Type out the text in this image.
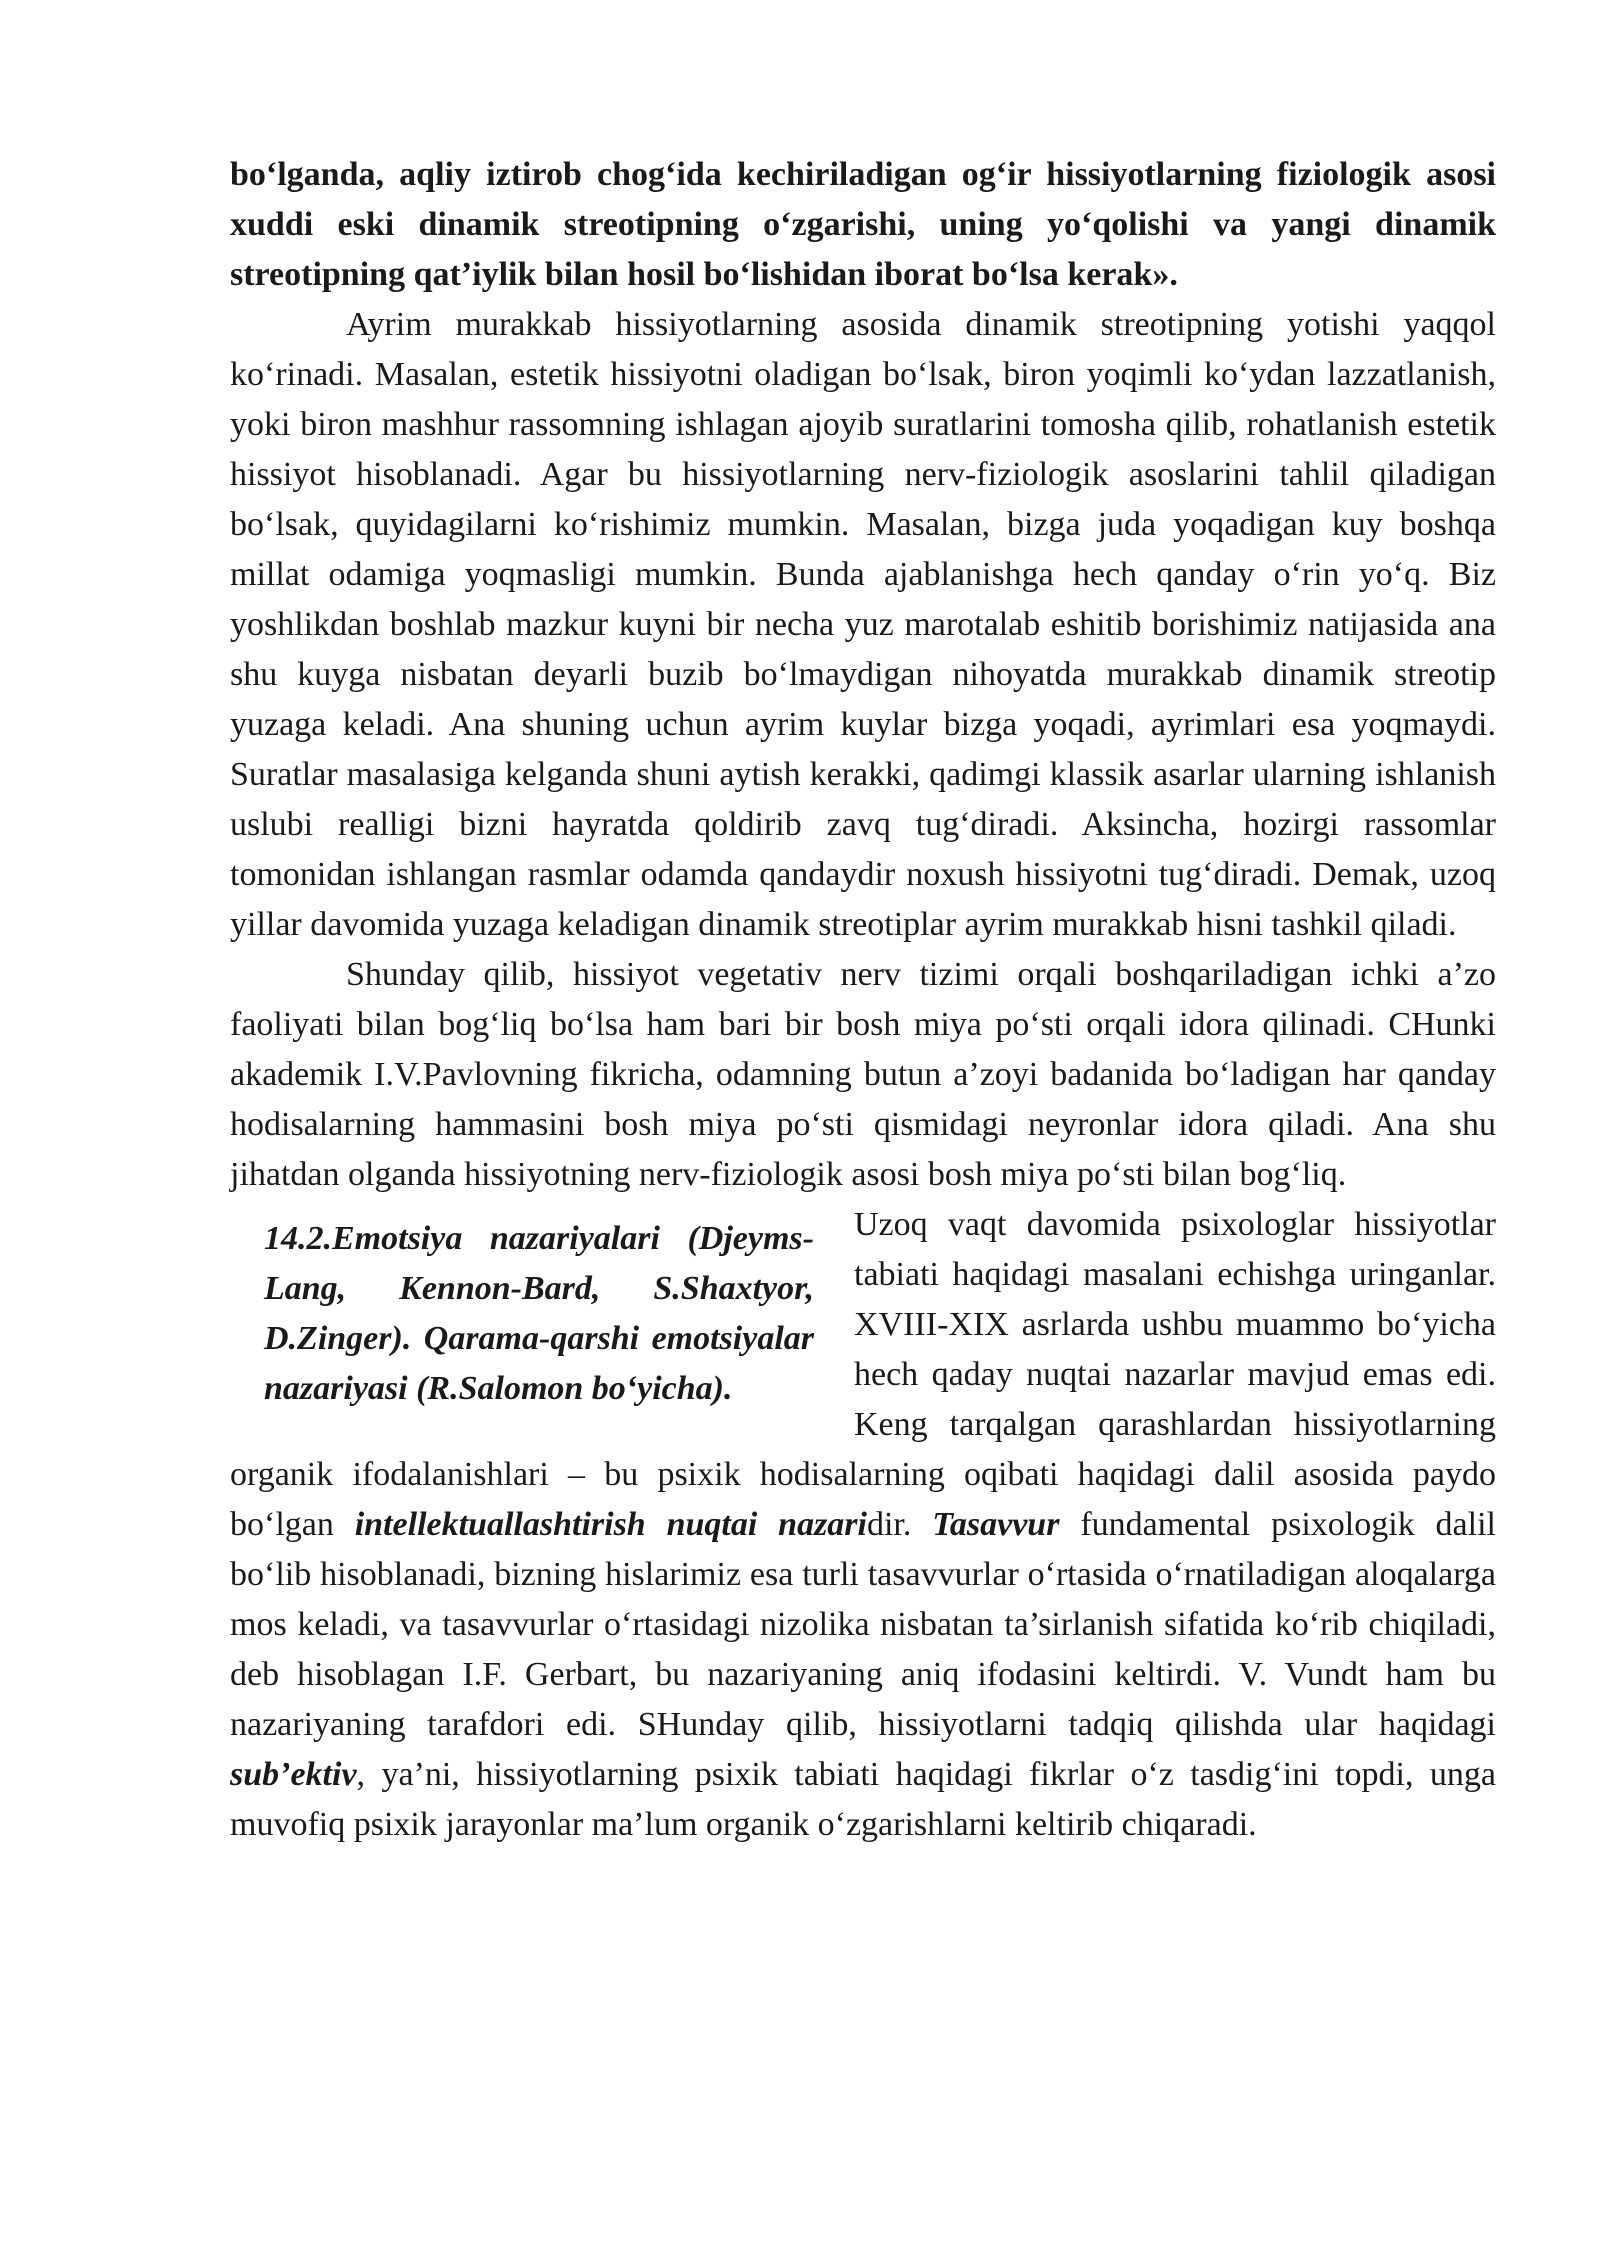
bo‘lganda, aqliy iztirob chog‘ida kechiriladigan og‘ir hissiyotlarning fiziologik asosi xuddi eski dinamik streotipning o‘zgarishi, uning yo‘qolishi va yangi dinamik streotipning qat’iylik bilan hosil bo‘lishidan iborat bo‘lsa kerak».

Ayrim murakkab hissiyotlarning asosida dinamik streotipning yotishi yaqqol ko‘rinadi. Masalan, estetik hissiyotni oladigan bo‘lsak, biron yoqimli ko‘ydan lazzatlanish, yoki biron mashhur rassomning ishlagan ajoyib suratlarini tomosha qilib, rohatlanish estetik hissiyot hisoblanadi. Agar bu hissiyotlarning nerv-fiziologik asoslarini tahlil qiladigan bo‘lsak, quyidagilarni ko‘rishimiz mumkin. Masalan, bizga juda yoqadigan kuy boshqa millat odamiga yoqmasligi mumkin. Bunda ajablanishga hech qanday o‘rin yo‘q. Biz yoshlikdan boshlab mazkur kuyni bir necha yuz marotalab eshitib borishimiz natijasida ana shu kuyga nisbatan deyarli buzib bo‘lmaydigan nihoyatda murakkab dinamik streotip yuzaga keladi. Ana shuning uchun ayrim kuylar bizga yoqadi, ayrimlari esa yoqmaydi. Suratlar masalasiga kelganda shuni aytish kerakki, qadimgi klassik asarlar ularning ishlanish uslubi realligi bizni hayratda qoldirib zavq tug‘diradi. Aksincha, hozirgi rassomlar tomonidan ishlangan rasmlar odamda qandaydir noxush hissiyotni tug‘diradi. Demak, uzoq yillar davomida yuzaga keladigan dinamik streotiplar ayrim murakkab hisni tashkil qiladi.

Shunday qilib, hissiyot vegetativ nerv tizimi orqali boshqariladigan ichki a’zo faoliyati bilan bog‘liq bo‘lsa ham bari bir bosh miya po‘sti orqali idora qilinadi. CHunki akademik I.V.Pavlovning fikricha, odamning butun a’zoyi badanida bo‘ladigan har qanday hodisalarning hammasini bosh miya po‘sti qismidagi neyronlar idora qiladi. Ana shu jihatdan olganda hissiyotning nerv-fiziologik asosi bosh miya po‘sti bilan bog‘liq.

14.2.Emotsiya nazariyalari (Djeyms-Lang, Kennon-Bard, S.Shaxtyor, D.Zinger). Qarama-qarshi emotsiyalar nazariyasi (R.Salomon bo‘yicha).

Uzoq vaqt davomida psixologlar hissiyotlar tabiati haqidagi masalani echishga uringanlar. XVIII-XIX asrlarda ushbu muammo bo‘yicha hech qaday nuqtai nazarlar mavjud emas edi. Keng tarqalgan qarashlardan hissiyotlarning organik ifodalanishlari – bu psixik hodisalarning oqibati haqidagi dalil asosida paydo bo‘lgan intellektuallashtirish nuqtai nazaridir. Tasavvur fundamental psixologik dalil bo‘lib hisoblanadi, bizning hislarimiz esa turli tasavvurlar o‘rtasida o‘rnatiladigan aloqalarga mos keladi, va tasavvurlar o‘rtasidagi nizolika nisbatan ta’sirlanish sifatida ko‘rib chiqiladi, deb hisoblagan I.F. Gerbart, bu nazariyaning aniq ifodasini keltirdi. V. Vundt ham bu nazariyaning tarafdori edi. SHunday qilib, hissiyotlarni tadqiq qilishda ular haqidagi sub’ektiv, ya’ni, hissiyotlarning psixik tabiati haqidagi fikrlar o‘z tasdig‘ini topdi, unga muvofiq psixik jarayonlar ma’lum organik o‘zgarishlarni keltirib chiqaradi.
